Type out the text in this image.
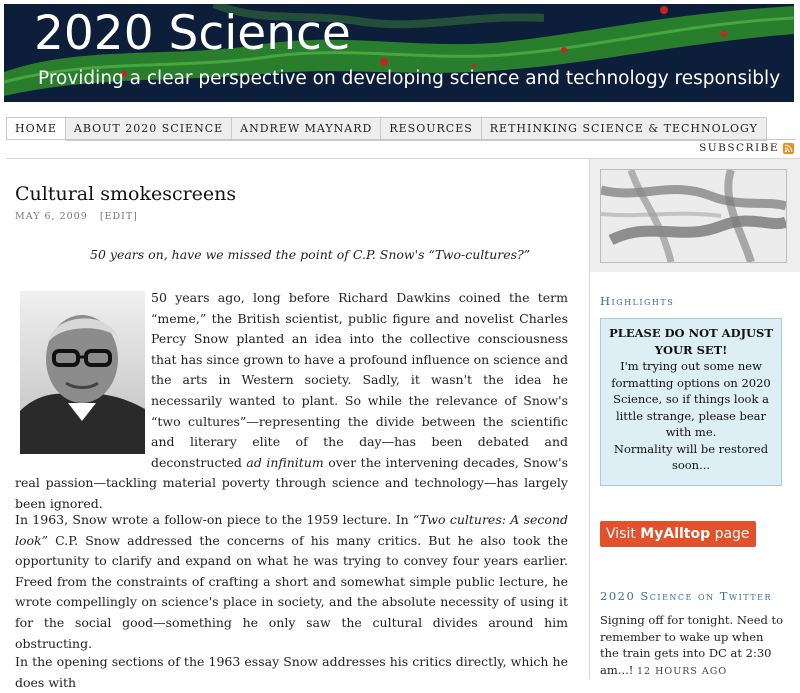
2020 Science
Providing a clear perspective on developing science and technology responsibly
HOME	ABOUT 2020 SCIENCE	ANDREW MAYNARD	RESOURCES	RETHINKING SCIENCE & TECHNOLOGY
SUBSCRIBE
Cultural smokescreens
MAY 6, 2009 [EDIT]
50 years on, have we missed the point of C.P. Snow's “Two-cultures?”
50 years ago, long before Richard Dawkins coined the term “meme,” the British scientist, public figure and novelist Charles Percy Snow planted an idea into the collective consciousness that has since grown to have a profound influence on science and the arts in Western society. Sadly, it wasn't the idea he necessarily wanted to plant. So while the relevance of Snow's “two cultures”—representing the divide between the scientific and literary elite of the day—has been debated and deconstructed ad infinitum over the intervening decades, Snow's real passion—tackling material poverty through science and technology—has largely been ignored.
In 1963, Snow wrote a follow-on piece to the 1959 lecture. In “Two cultures: A second look” C.P. Snow addressed the concerns of his many critics. But he also took the opportunity to clarify and expand on what he was trying to convey four years earlier. Freed from the constraints of crafting a short and somewhat simple public lecture, he wrote compellingly on science's place in society, and the absolute necessity of using it for the social good—something he only saw the cultural divides around him obstructing.
In the opening sections of the 1963 essay Snow addresses his critics directly, which he does with
Highlights
PLEASE DO NOT ADJUST YOUR SET!
I'm trying out some new formatting options on 2020 Science, so if things look a little strange, please bear with me.
Normality will be restored soon...
Visit MyAlltop page
2020 Science on Twitter
Signing off for tonight. Need to remember to wake up when the train gets into DC at 2:30 am...! 12 HOURS AGO
